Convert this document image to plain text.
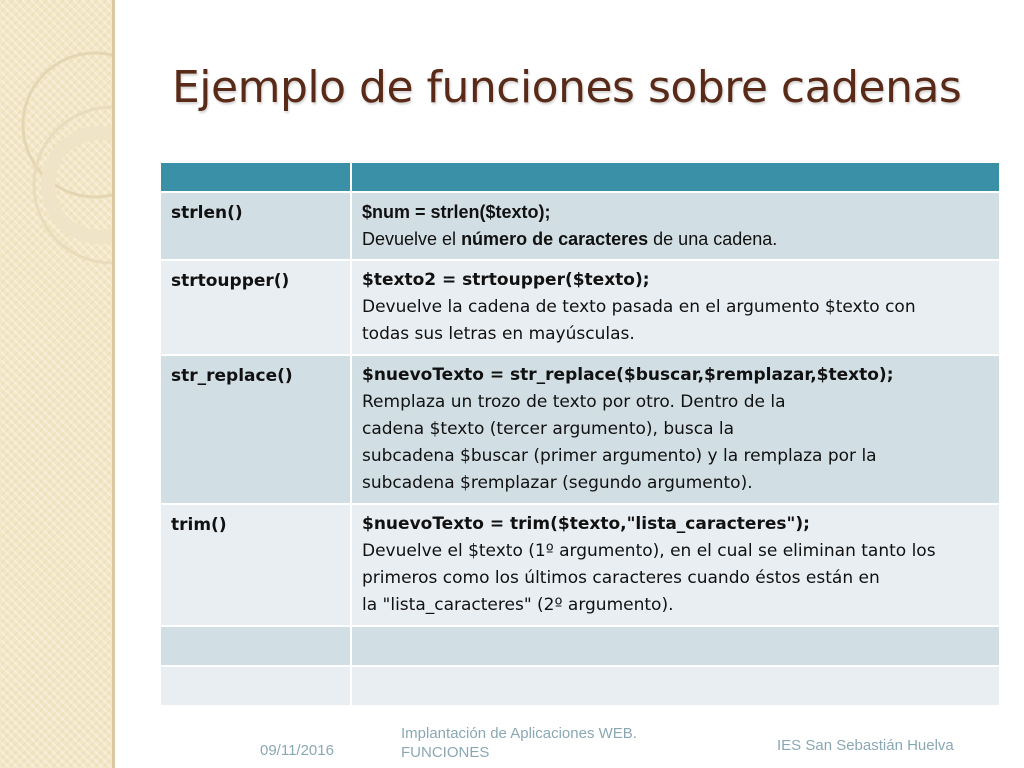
Ejemplo de funciones sobre cadenas

strlen()	$num = strlen($texto);
Devuelve el número de caracteres de una cadena.

strtoupper()	$texto2 = strtoupper($texto);
Devuelve la cadena de texto pasada en el argumento $texto con
todas sus letras en mayúsculas.

str_replace()	$nuevoTexto = str_replace($buscar,$remplazar,$texto);
Remplaza un trozo de texto por otro. Dentro de la
cadena $texto (tercer argumento), busca la
subcadena $buscar (primer argumento) y la remplaza por la
subcadena $remplazar (segundo argumento).

trim()	$nuevoTexto = trim($texto,"lista_caracteres");
Devuelve el $texto (1º argumento), en el cual se eliminan tanto los
primeros como los últimos caracteres cuando éstos están en
la "lista_caracteres" (2º argumento).

09/11/2016
Implantación de Aplicaciones WEB.
FUNCIONES	IES San Sebastián Huelva
